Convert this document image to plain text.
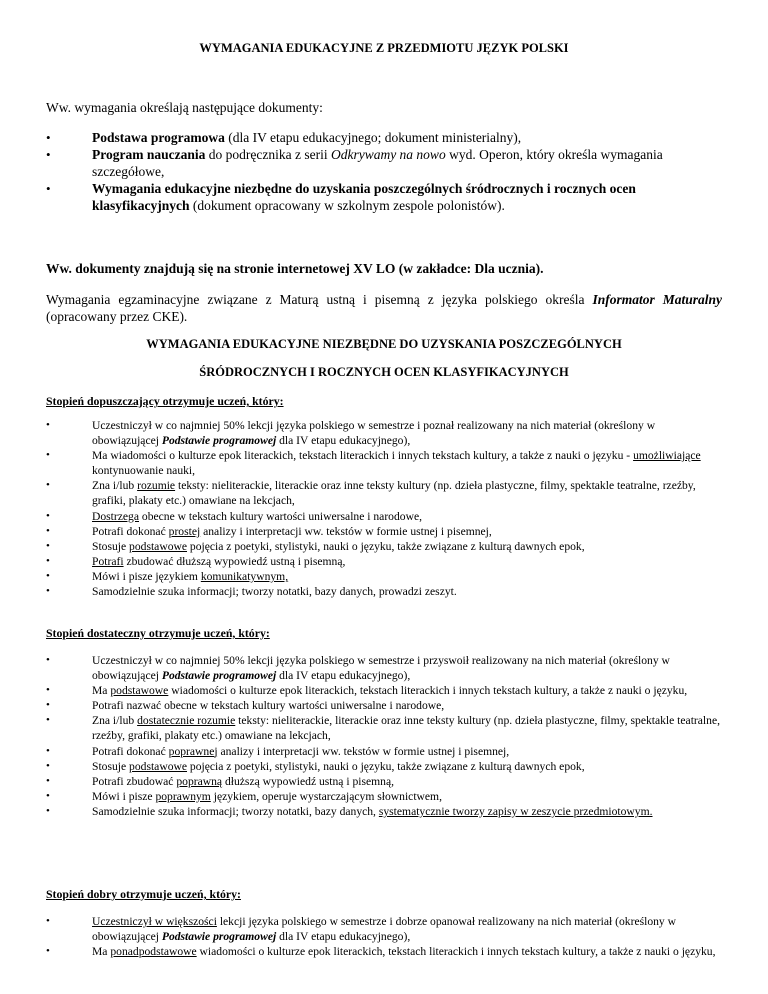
WYMAGANIA EDUKACYJNE Z PRZEDMIOTU JĘZYK POLSKI
Ww. wymagania określają następujące dokumenty:
• Podstawa programowa (dla IV etapu edukacyjnego; dokument ministerialny),
• Program nauczania do podręcznika z serii Odkrywamy na nowo wyd. Operon, który określa wymagania szczegółowe,
• Wymagania edukacyjne niezbędne do uzyskania poszczególnych śródrocznych i rocznych ocen klasyfikacyjnych (dokument opracowany w szkolnym zespole polonistów).
Ww. dokumenty znajdują się na stronie internetowej XV LO (w zakładce: Dla ucznia).
Wymagania egzaminacyjne związane z Maturą ustną i pisemną z języka polskiego określa Informator Maturalny (opracowany przez CKE).
WYMAGANIA EDUKACYJNE NIEZBĘDNE DO UZYSKANIA POSZCZEGÓLNYCH
ŚRÓDROCZNYCH I ROCZNYCH OCEN KLASYFIKACYJNYCH
Stopień dopuszczający otrzymuje uczeń, który:
• Uczestniczył w co najmniej 50% lekcji języka polskiego w semestrze i poznał realizowany na nich materiał (określony w obowiązującej Podstawie programowej dla IV etapu edukacyjnego),
• Ma wiadomości o kulturze epok literackich, tekstach literackich i innych tekstach kultury, a także z nauki o języku - umożliwiające kontynuowanie nauki,
• Zna i/lub rozumie teksty: nieliterackie, literackie oraz inne teksty kultury (np. dzieła plastyczne, filmy, spektakle teatralne, rzeźby, grafiki, plakaty etc.) omawiane na lekcjach,
• Dostrzega obecne w tekstach kultury wartości uniwersalne i narodowe,
• Potrafi dokonać prostej analizy i interpretacji ww. tekstów w formie ustnej i pisemnej,
• Stosuje podstawowe pojęcia z poetyki, stylistyki, nauki o języku, także związane z kulturą dawnych epok,
• Potrafi zbudować dłuższą wypowiedź ustną i pisemną,
• Mówi i pisze językiem komunikatywnym,
• Samodzielnie szuka informacji; tworzy notatki, bazy danych, prowadzi zeszyt.
Stopień dostateczny otrzymuje uczeń, który:
• Uczestniczył w co najmniej 50% lekcji języka polskiego w semestrze i przyswoił realizowany na nich materiał (określony w obowiązującej Podstawie programowej dla IV etapu edukacyjnego),
• Ma podstawowe wiadomości o kulturze epok literackich, tekstach literackich i innych tekstach kultury, a także z nauki o języku,
• Potrafi nazwać obecne w tekstach kultury wartości uniwersalne i narodowe,
• Zna i/lub dostatecznie rozumie teksty: nieliterackie, literackie oraz inne teksty kultury (np. dzieła plastyczne, filmy, spektakle teatralne, rzeźby, grafiki, plakaty etc.) omawiane na lekcjach,
• Potrafi dokonać poprawnej analizy i interpretacji ww. tekstów w formie ustnej i pisemnej,
• Stosuje podstawowe pojęcia z poetyki, stylistyki, nauki o języku, także związane z kulturą dawnych epok,
• Potrafi zbudować poprawną dłuższą wypowiedź ustną i pisemną,
• Mówi i pisze poprawnym językiem, operuje wystarczającym słownictwem,
• Samodzielnie szuka informacji; tworzy notatki, bazy danych, systematycznie tworzy zapisy w zeszycie przedmiotowym.
Stopień dobry otrzymuje uczeń, który:
• Uczestniczył w większości lekcji języka polskiego w semestrze i dobrze opanował realizowany na nich materiał (określony w obowiązującej Podstawie programowej dla IV etapu edukacyjnego),
• Ma ponadpodstawowe wiadomości o kulturze epok literackich, tekstach literackich i innych tekstach kultury, a także z nauki o języku,
